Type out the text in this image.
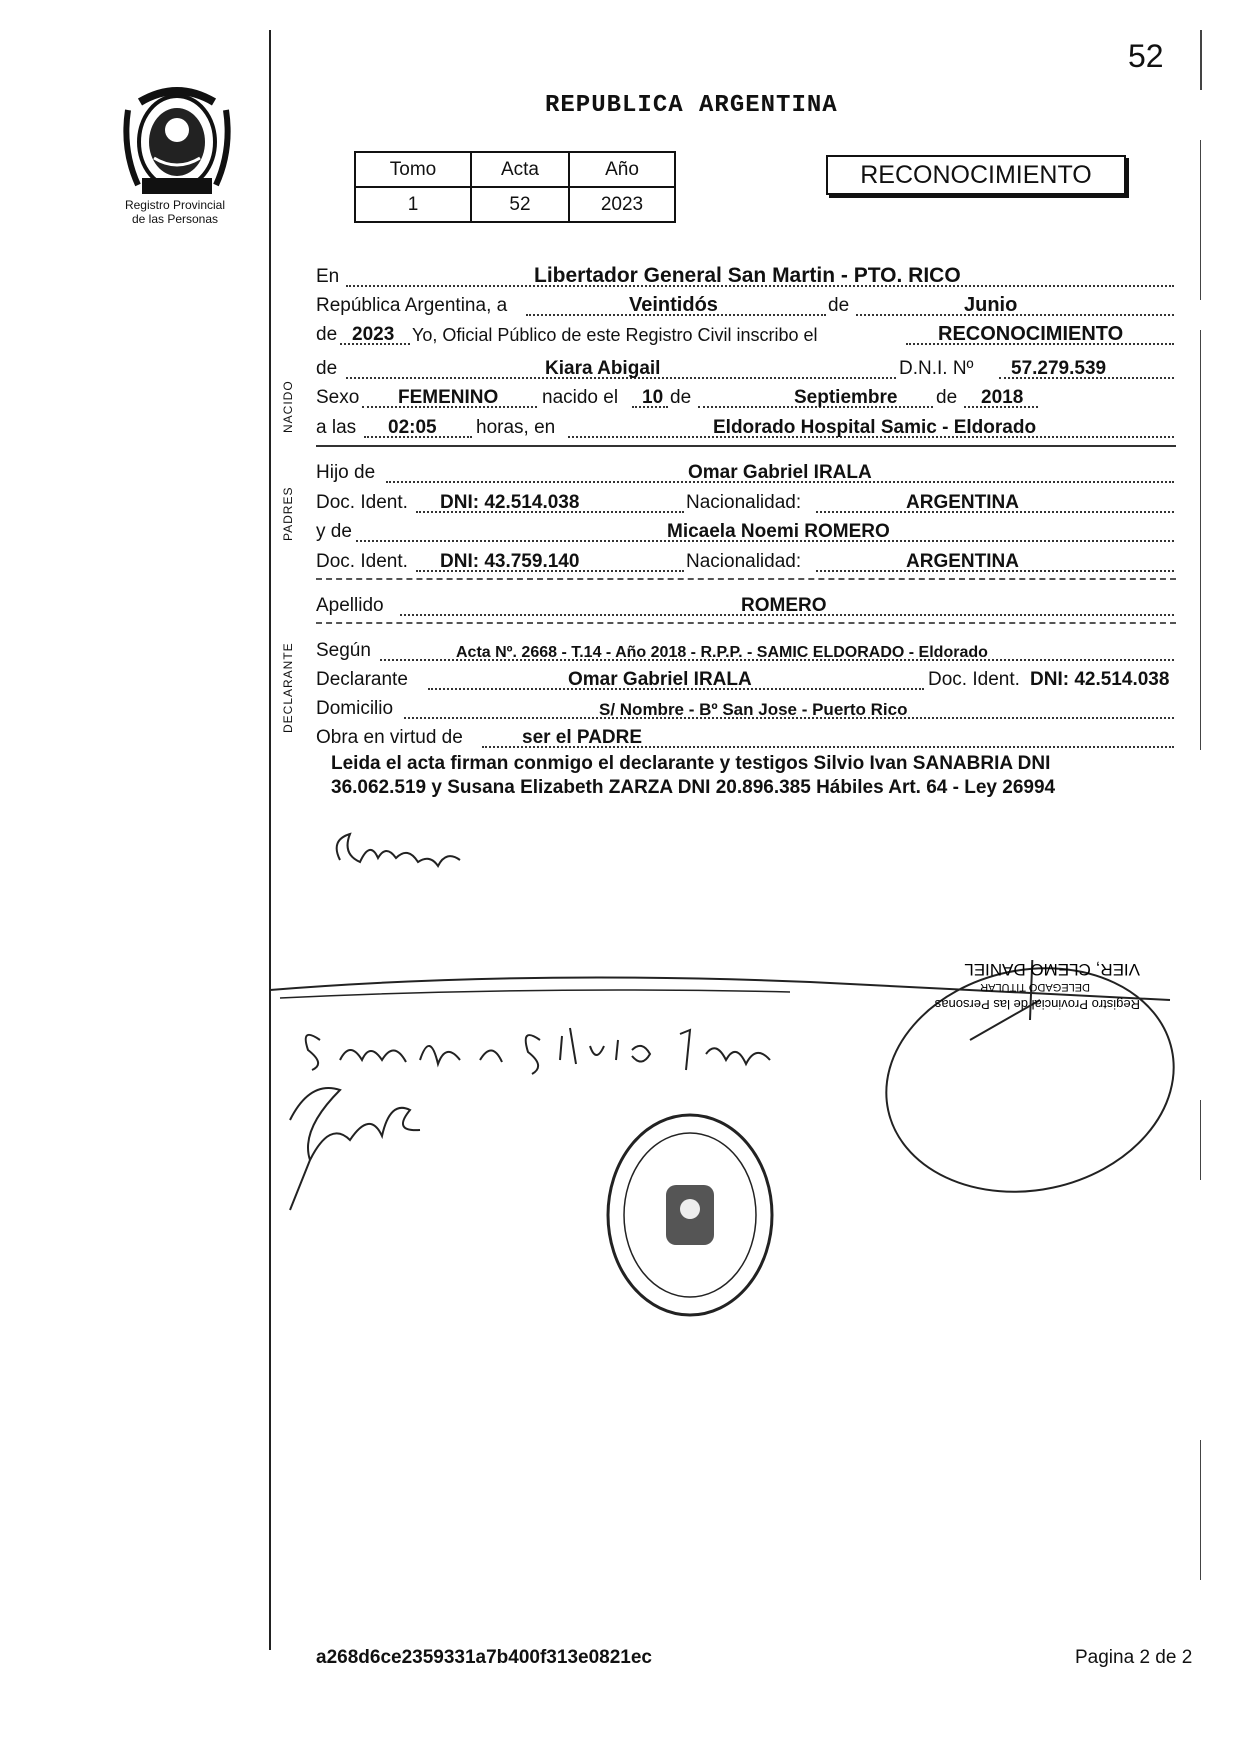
Registro Provincial
de las Personas
52
REPUBLICA ARGENTINA
Tomo	Acta	Año
1	52	2023
RECONOCIMIENTO
NACIDO
PADRES
DECLARANTE
En	Libertador General San Martin - PTO. RICO
República Argentina, a	Veintidós	de	Junio
de 2023 Yo, Oficial Público de este Registro Civil inscribo el	RECONOCIMIENTO
de	Kiara Abigail	D.N.I. Nº 57.279.539
Sexo FEMENINO nacido el 10 de	Septiembre de 2018
a las 02:05 horas, en	Eldorado Hospital Samic - Eldorado
Hijo de	Omar Gabriel IRALA
Doc. Ident. DNI: 42.514.038	Nacionalidad:	ARGENTINA
y de	Micaela Noemi ROMERO
Doc. Ident. DNI: 43.759.140	Nacionalidad:	ARGENTINA
Apellido	ROMERO
Según	Acta Nº. 2668 - T.14 - Año 2018 - R.P.P. - SAMIC ELDORADO - Eldorado
Declarante	Omar Gabriel IRALA	Doc. Ident. DNI: 42.514.038
Domicilio	S/ Nombre - Bº San Jose - Puerto Rico
Obra en virtud de	ser el PADRE
Leida el acta firman conmigo el declarante y testigos Silvio Ivan SANABRIA DNI
36.062.519 y Susana Elizabeth ZARZA DNI 20.896.385 Hábiles Art. 64 - Ley 26994
Registro Provincial de las Personas
DELEGADO TITULAR
VIER, CLEMO DANIEL
a268d6ce2359331a7b400f313e0821ec	Pagina 2 de 2
